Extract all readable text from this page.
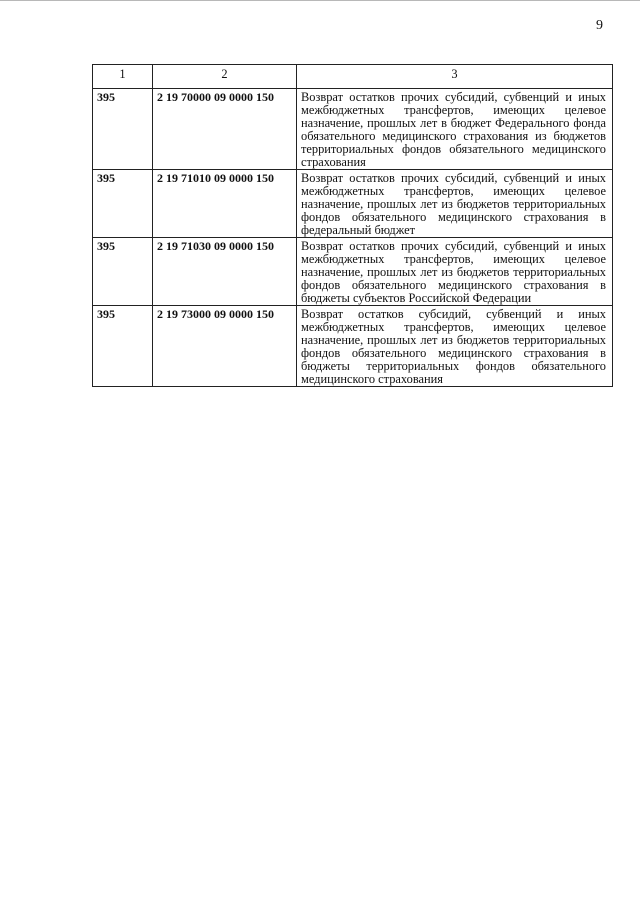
9
1	2	3
395	2 19 70000 09 0000 150	Возврат остатков прочих субсидий, субвенций и иных межбюджетных трансфертов, имеющих целевое назначение, прошлых лет в бюджет Федерального фонда обязательного медицинского страхования из бюджетов территориальных фондов обязательного медицинского страхования
395	2 19 71010 09 0000 150	Возврат остатков прочих субсидий, субвенций и иных межбюджетных трансфертов, имеющих целевое назначение, прошлых лет из бюджетов территориальных фондов обязательного медицинского страхования в федеральный бюджет
395	2 19 71030 09 0000 150	Возврат остатков прочих субсидий, субвенций и иных межбюджетных трансфертов, имеющих целевое назначение, прошлых лет из бюджетов территориальных фондов обязательного медицинского страхования в бюджеты субъектов Российской Федерации
395	2 19 73000 09 0000 150	Возврат остатков субсидий, субвенций и иных межбюджетных трансфертов, имеющих целевое назначение, прошлых лет из бюджетов территориальных фондов обязательного медицинского страхования в бюджеты территориальных фондов обязательного медицинского страхования
